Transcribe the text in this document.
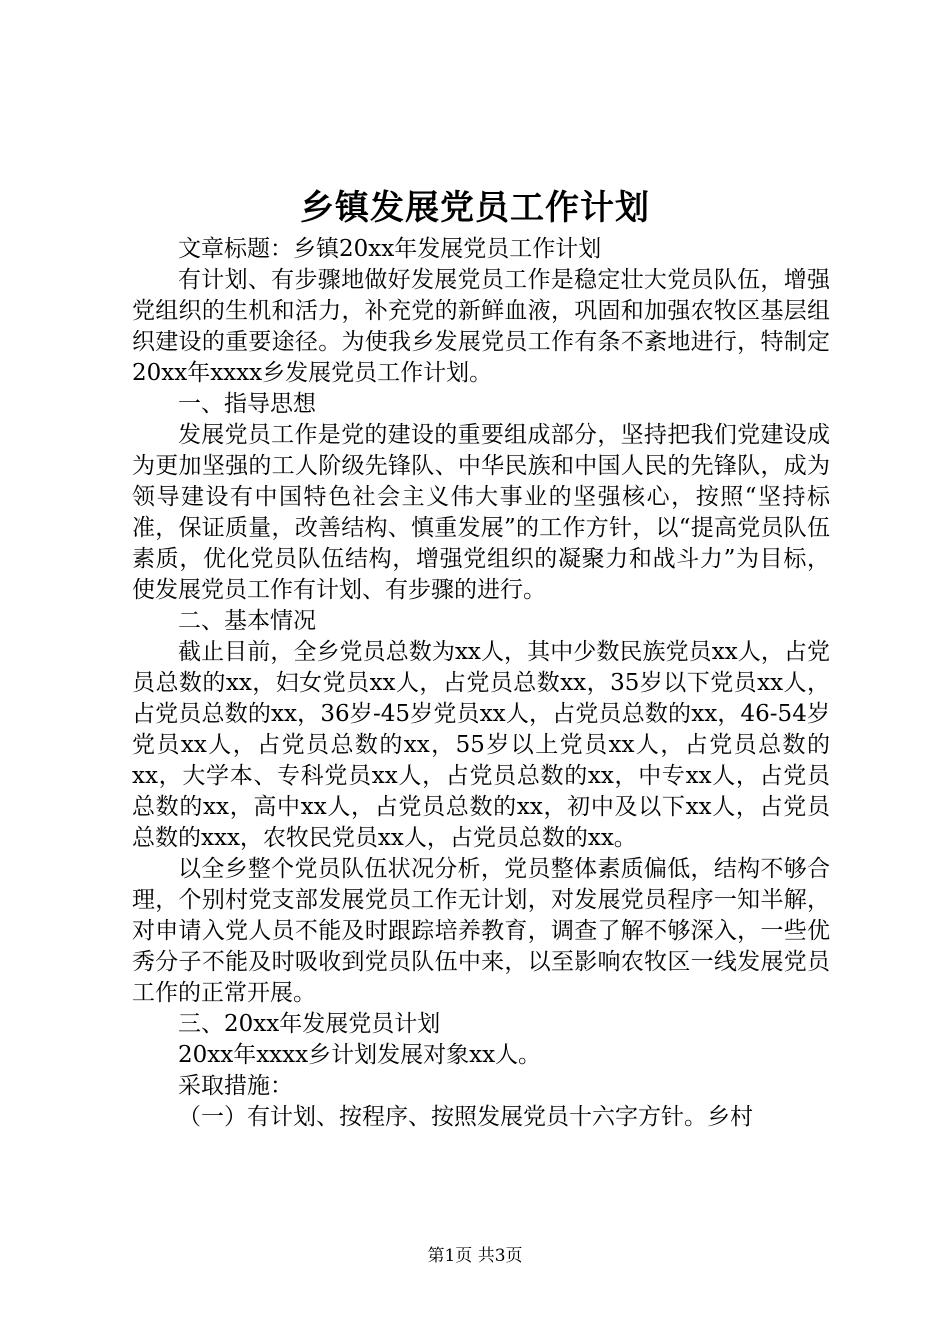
乡镇发展党员工作计划

文章标题：乡镇20xx年发展党员工作计划

有计划、有步骤地做好发展党员工作是稳定壮大党员队伍，增强党组织的生机和活力，补充党的新鲜血液，巩固和加强农牧区基层组织建设的重要途径。为使我乡发展党员工作有条不紊地进行，特制定20xx年xxxx乡发展党员工作计划。

一、指导思想

发展党员工作是党的建设的重要组成部分，坚持把我们党建设成为更加坚强的工人阶级先锋队、中华民族和中国人民的先锋队，成为领导建设有中国特色社会主义伟大事业的坚强核心，按照“坚持标准，保证质量，改善结构、慎重发展”的工作方针，以“提高党员队伍素质，优化党员队伍结构，增强党组织的凝聚力和战斗力”为目标，使发展党员工作有计划、有步骤的进行。

二、基本情况

截止目前，全乡党员总数为xx人，其中少数民族党员xx人，占党员总数的xx，妇女党员xx人，占党员总数xx，35岁以下党员xx人，占党员总数的xx，36岁-45岁党员xx人，占党员总数的xx，46-54岁党员xx人，占党员总数的xx，55岁以上党员xx人，占党员总数的xx，大学本、专科党员xx人，占党员总数的xx，中专xx人，占党员总数的xx，高中xx人，占党员总数的xx，初中及以下xx人，占党员总数的xxx，农牧民党员xx人，占党员总数的xx。

以全乡整个党员队伍状况分析，党员整体素质偏低，结构不够合理，个别村党支部发展党员工作无计划，对发展党员程序一知半解，对申请入党人员不能及时跟踪培养教育，调查了解不够深入，一些优秀分子不能及时吸收到党员队伍中来，以至影响农牧区一线发展党员工作的正常开展。

三、20xx年发展党员计划

20xx年xxxx乡计划发展对象xx人。

采取措施：

（一）有计划、按程序、按照发展党员十六字方针。乡村

第1页 共3页
